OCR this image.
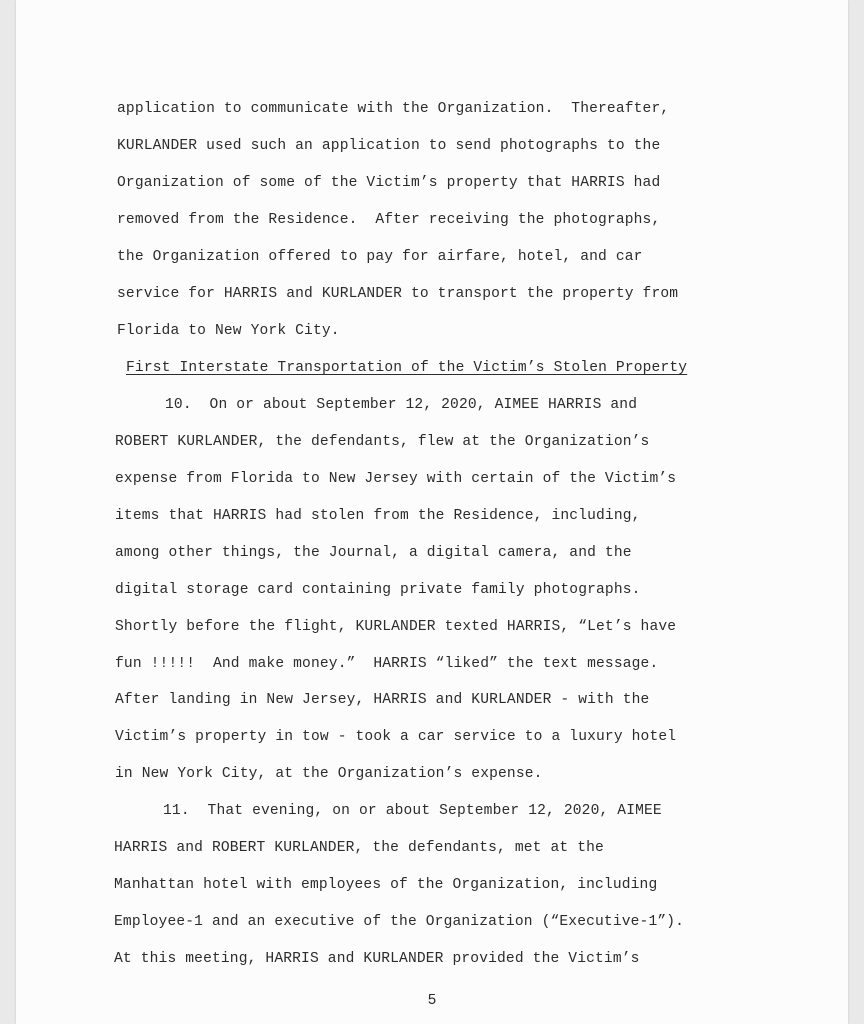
application to communicate with the Organization.  Thereafter,
KURLANDER used such an application to send photographs to the
Organization of some of the Victim’s property that HARRIS had
removed from the Residence.  After receiving the photographs,
the Organization offered to pay for airfare, hotel, and car
service for HARRIS and KURLANDER to transport the property from
Florida to New York City.
First Interstate Transportation of the Victim’s Stolen Property
10.  On or about September 12, 2020, AIMEE HARRIS and
ROBERT KURLANDER, the defendants, flew at the Organization’s
expense from Florida to New Jersey with certain of the Victim’s
items that HARRIS had stolen from the Residence, including,
among other things, the Journal, a digital camera, and the
digital storage card containing private family photographs.
Shortly before the flight, KURLANDER texted HARRIS, “Let’s have
fun !!!!!  And make money.”  HARRIS “liked” the text message.
After landing in New Jersey, HARRIS and KURLANDER - with the
Victim’s property in tow - took a car service to a luxury hotel
in New York City, at the Organization’s expense.
11.  That evening, on or about September 12, 2020, AIMEE
HARRIS and ROBERT KURLANDER, the defendants, met at the
Manhattan hotel with employees of the Organization, including
Employee-1 and an executive of the Organization (“Executive-1”).
At this meeting, HARRIS and KURLANDER provided the Victim’s
5
